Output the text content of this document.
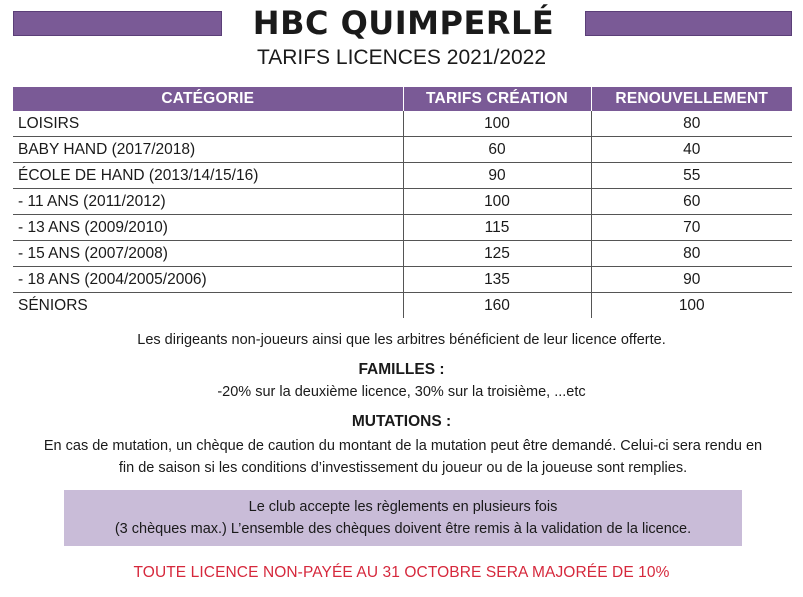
HBC QUIMPERLÉ
TARIFS LICENCES 2021/2022
CATÉGORIE	TARIFS CRÉATION	RENOUVELLEMENT
LOISIRS	100	80
BABY HAND (2017/2018)	60	40
ÉCOLE DE HAND (2013/14/15/16)	90	55
- 11 ANS (2011/2012)	100	60
- 13 ANS (2009/2010)	115	70
- 15 ANS (2007/2008)	125	80
- 18 ANS (2004/2005/2006)	135	90
SÉNIORS	160	100
Les dirigeants non-joueurs ainsi que les arbitres bénéficient de leur licence offerte.
FAMILLES :
-20% sur la deuxième licence, 30% sur la troisième, ...etc
MUTATIONS :
En cas de mutation, un chèque de caution du montant de la mutation peut être demandé. Celui-ci sera rendu en
fin de saison si les conditions d’investissement du joueur ou de la joueuse sont remplies.
Le club accepte les règlements en plusieurs fois
(3 chèques max.) L’ensemble des chèques doivent être remis à la validation de la licence.
TOUTE LICENCE NON-PAYÉE AU 31 OCTOBRE SERA MAJORÉE DE 10%
